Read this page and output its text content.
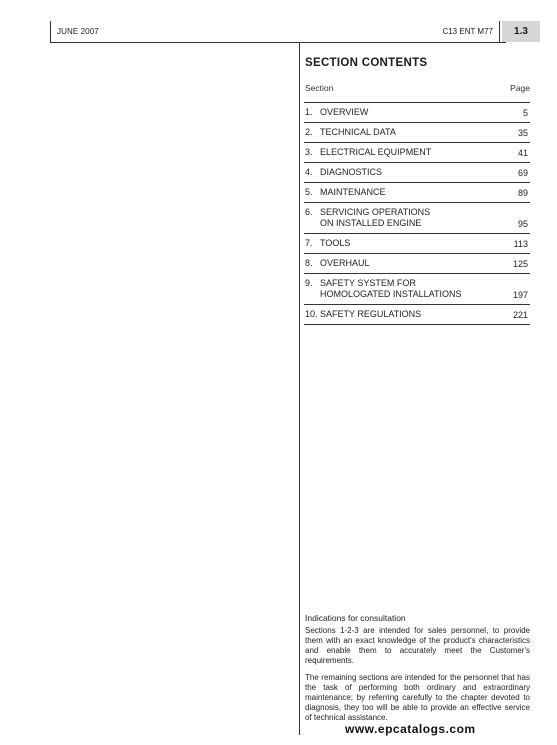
JUNE 2007	C13 ENT M77	1.3
SECTION CONTENTS
Section	Page
1. OVERVIEW	5
2. TECHNICAL DATA	35
3. ELECTRICAL EQUIPMENT	41
4. DIAGNOSTICS	69
5. MAINTENANCE	89
6. SERVICING OPERATIONS
ON INSTALLED ENGINE	95
7. TOOLS	113
8. OVERHAUL	125
9. SAFETY SYSTEM FOR
HOMOLOGATED INSTALLATIONS	197
10. SAFETY REGULATIONS	221
Indications for consultation
Sections 1-2-3 are intended for sales personnel, to provide them with an exact knowledge of the product's characteristics and enable them to accurately meet the Customer's requirements.
The remaining sections are intended for the personnel that has the task of performing both ordinary and extraordinary maintenance; by referring carefully to the chapter devoted to diagnosis, they too will be able to provide an effective service of technical assistance.
www.epcatalogs.com
